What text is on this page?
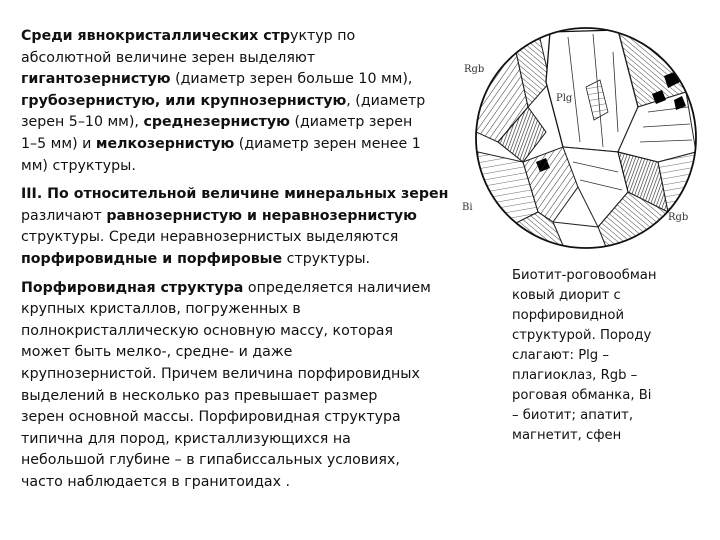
Среди явнокристаллических структур по
абсолютной величине зерен выделяют
гигантозернистую (диаметр зерен больше 10 мм),
грубозернистую, или крупнозернистую, (диаметр
зерен 5–10 мм), среднезернистую (диаметр зерен
1–5 мм) и мелкозернистую (диаметр зерен менее 1
мм) структуры.

III. По относительной величине минеральных зерен
различают равнозернистую и неравнозернистую
структуры. Среди неравнозернистых выделяются
порфировидные и порфировые структуры.

Порфировидная структура определяется наличием
крупных кристаллов, погруженных в
полнокристаллическую основную массу, которая
может быть мелко-, средне- и даже
крупнозернистой. Причем величина порфировидных
выделений в несколько раз превышает размер
зерен основной массы. Порфировидная структура
типична для пород, кристаллизующихся на
небольшой глубине – в гипабиссальных условиях,
часто наблюдается в гранитоидах .

Rgb
Plg
Bi
Rgb
Биотит-роговообман
ковый диорит с
порфировидной
структурой. Породу
слагают: Plg –
плагиоклаз, Rgb –
роговая обманка, Bi
– биотит; апатит,
магнетит, сфен
